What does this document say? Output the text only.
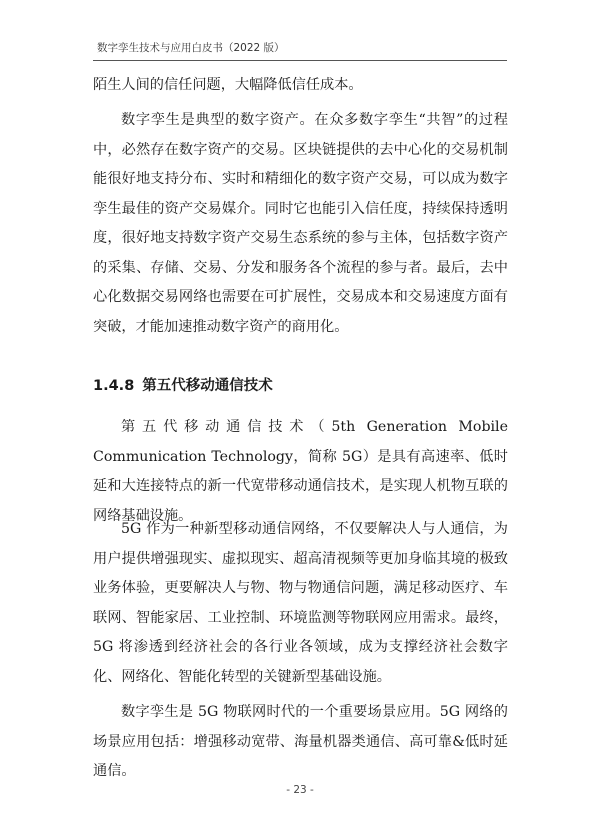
数字孪生技术与应用白皮书（2022 版）

陌生人间的信任问题，大幅降低信任成本。

数字孪生是典型的数字资产。在众多数字孪生“共智”的过程中，必然存在数字资产的交易。区块链提供的去中心化的交易机制能很好地支持分布、实时和精细化的数字资产交易，可以成为数字孪生最佳的资产交易媒介。同时它也能引入信任度，持续保持透明度，很好地支持数字资产交易生态系统的参与主体，包括数字资产的采集、存储、交易、分发和服务各个流程的参与者。最后，去中心化数据交易网络也需要在可扩展性，交易成本和交易速度方面有突破，才能加速推动数字资产的商用化。

1.4.8 第五代移动通信技术

第五代移动通信技术（5th Generation Mobile Communication Technology，简称 5G）是具有高速率、低时延和大连接特点的新一代宽带移动通信技术，是实现人机物互联的网络基础设施。

5G 作为一种新型移动通信网络，不仅要解决人与人通信，为用户提供增强现实、虚拟现实、超高清视频等更加身临其境的极致业务体验，更要解决人与物、物与物通信问题，满足移动医疗、车联网、智能家居、工业控制、环境监测等物联网应用需求。最终，5G 将渗透到经济社会的各行业各领域，成为支撑经济社会数字化、网络化、智能化转型的关键新型基础设施。

数字孪生是 5G 物联网时代的一个重要场景应用。5G 网络的场景应用包括：增强移动宽带、海量机器类通信、高可靠&低时延通信。

- 23 -
